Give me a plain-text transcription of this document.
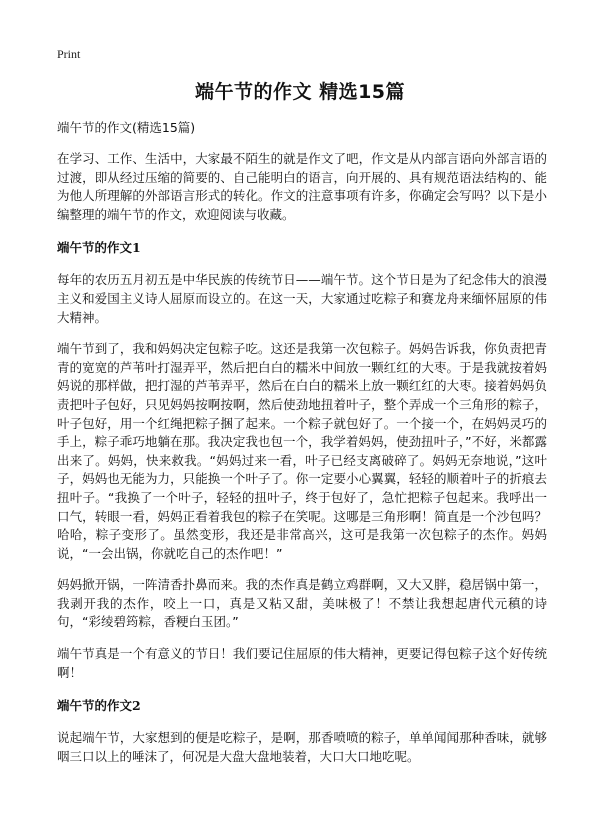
Print
端午节的作文 精选15篇

端午节的作文(精选15篇)

在学习、工作、生活中，大家最不陌生的就是作文了吧，作文是从内部言语向外部言语的过渡，即从经过压缩的简要的、自己能明白的语言，向开展的、具有规范语法结构的、能为他人所理解的外部语言形式的转化。作文的注意事项有许多，你确定会写吗？以下是小编整理的端午节的作文，欢迎阅读与收藏。

端午节的作文1

每年的农历五月初五是中华民族的传统节日——端午节。这个节日是为了纪念伟大的浪漫主义和爱国主义诗人屈原而设立的。在这一天，大家通过吃粽子和赛龙舟来缅怀屈原的伟大精神。

端午节到了，我和妈妈决定包粽子吃。这还是我第一次包粽子。妈妈告诉我，你负责把青青的宽宽的芦苇叶打湿弄平，然后把白白的糯米中间放一颗红红的大枣。于是我就按着妈妈说的那样做，把打湿的芦苇弄平，然后在白白的糯米上放一颗红红的大枣。接着妈妈负责把叶子包好，只见妈妈按啊按啊，然后使劲地扭着叶子，整个弄成一个三角形的粽子，叶子包好，用一个红绳把粽子捆了起来。一个粽子就包好了。一个接一个，在妈妈灵巧的手上，粽子乖巧地躺在那。我决定我也包一个，我学着妈妈，使劲扭叶子，”不好，米都露出来了。妈妈，快来救我。“妈妈过来一看，叶子已经支离破碎了。妈妈无奈地说，”这叶子，妈妈也无能为力，只能换一个叶子了。你一定要小心翼翼，轻轻的顺着叶子的折痕去扭叶子。“我换了一个叶子，轻轻的扭叶子，终于包好了，急忙把粽子包起来。我呼出一口气，转眼一看，妈妈正看着我包的粽子在笑呢。这哪是三角形啊！简直是一个沙包吗？哈哈，粽子变形了。虽然变形，我还是非常高兴，这可是我第一次包粽子的杰作。妈妈说，“一会出锅，你就吃自己的杰作吧！”

妈妈掀开锅，一阵清香扑鼻而来。我的杰作真是鹤立鸡群啊，又大又胖，稳居锅中第一，我剥开我的杰作，咬上一口，真是又粘又甜，美味极了！不禁让我想起唐代元稹的诗句，“彩绫碧筠粽，香粳白玉团。”

端午节真是一个有意义的节日！我们要记住屈原的伟大精神，更要记得包粽子这个好传统啊！

端午节的作文2

说起端午节，大家想到的便是吃粽子，是啊，那香喷喷的粽子，单单闻闻那种香味，就够咽三口以上的唾沫了，何况是大盘大盘地装着，大口大口地吃呢。
